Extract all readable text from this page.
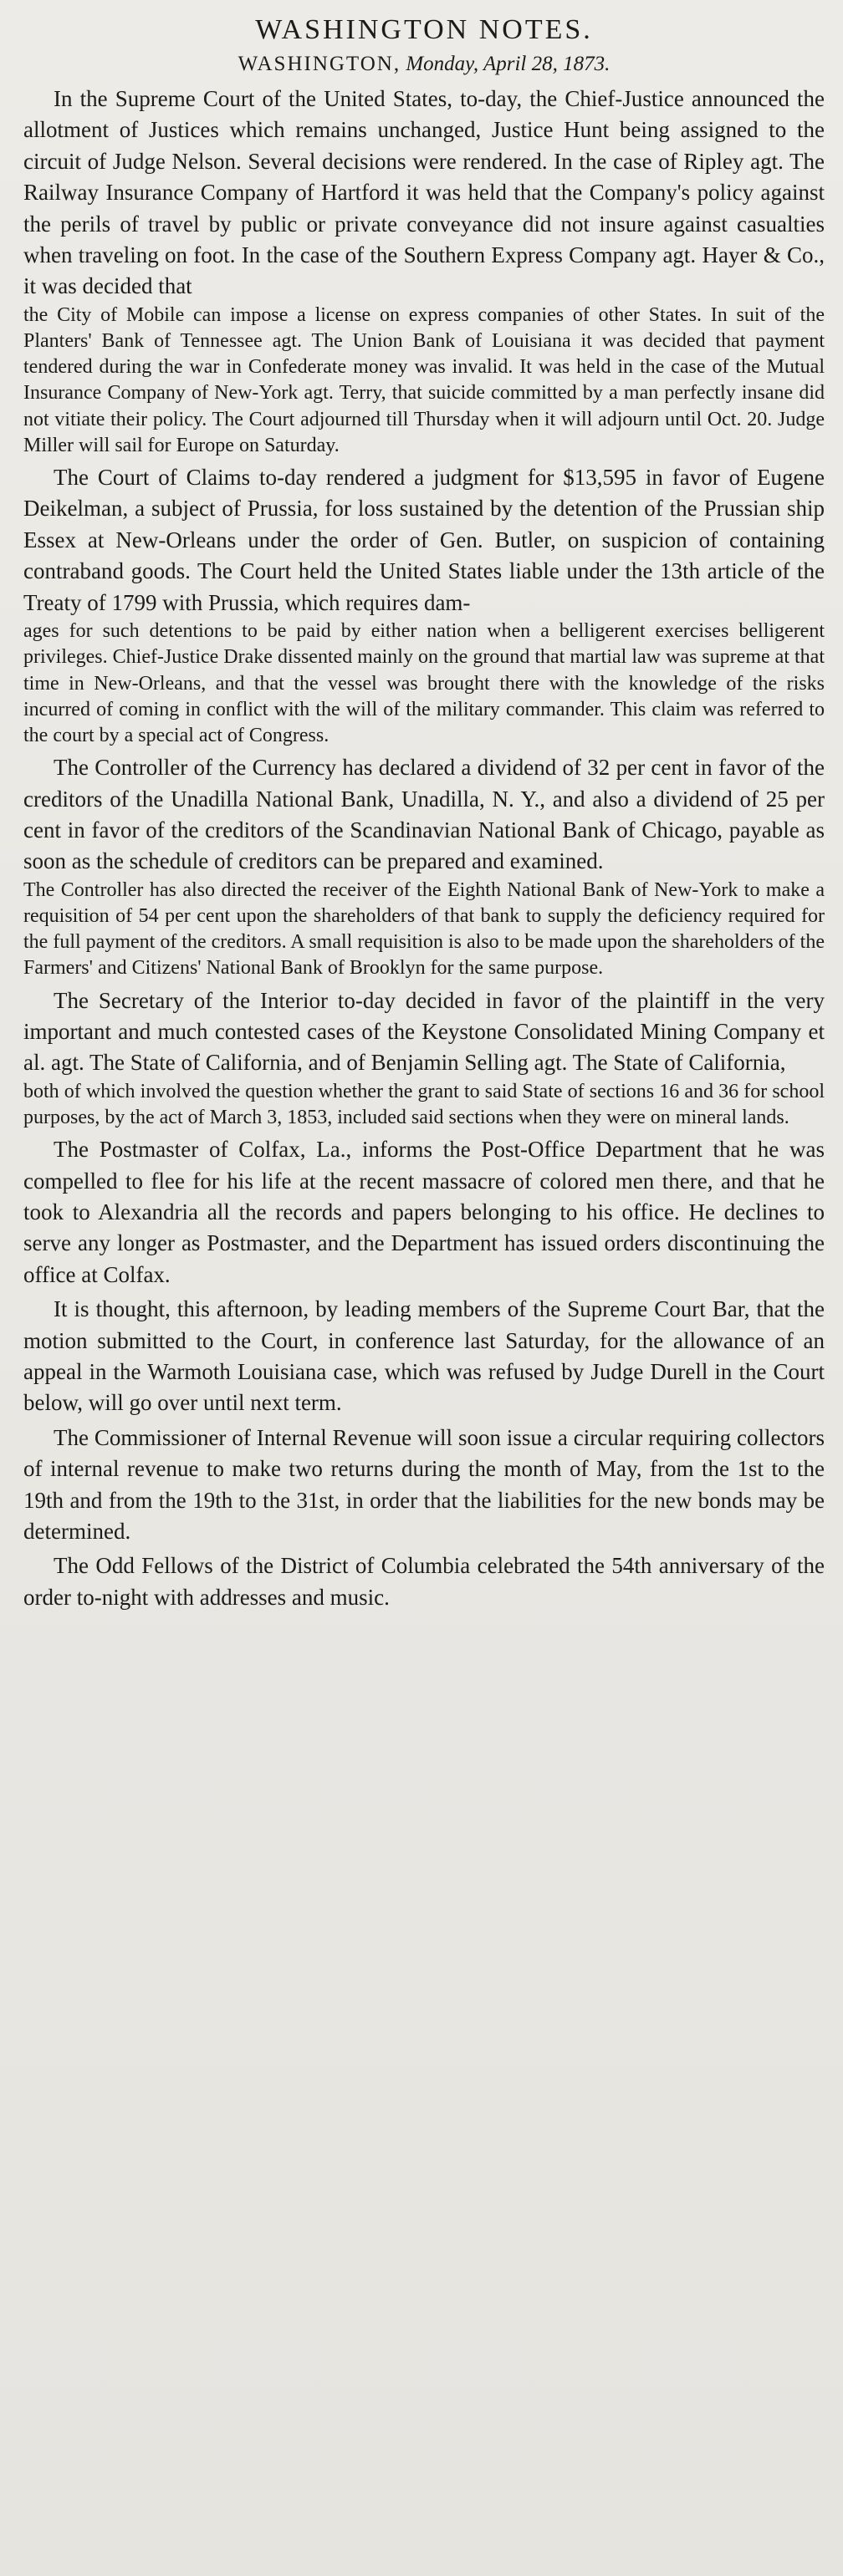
WASHINGTON NOTES.
WASHINGTON, Monday, April 28, 1873.

In the Supreme Court of the United States, to-day, the Chief-Justice announced the allotment of Justices which remains unchanged, Justice Hunt being assigned to the circuit of Judge Nelson. Several decisions were rendered. In the case of Ripley agt. The Railway Insurance Company of Hartford it was held that the Company's policy against the perils of travel by public or private conveyance did not insure against casualties when traveling on foot. In the case of the Southern Express Company agt. Hayer & Co., it was decided that

the City of Mobile can impose a license on express companies of other States. In suit of the Planters' Bank of Tennessee agt. The Union Bank of Louisiana it was decided that payment tendered during the war in Confederate money was invalid. It was held in the case of the Mutual Insurance Company of New-York agt. Terry, that suicide committed by a man perfectly insane did not vitiate their policy. The Court adjourned till Thursday when it will adjourn until Oct. 20. Judge Miller will sail for Europe on Saturday.

The Court of Claims to-day rendered a judgment for $13,595 in favor of Eugene Deikelman, a subject of Prussia, for loss sustained by the detention of the Prussian ship Essex at New-Orleans under the order of Gen. Butler, on suspicion of containing contraband goods. The Court held the United States liable under the 13th article of the Treaty of 1799 with Prussia, which requires dam-

ages for such detentions to be paid by either nation when a belligerent exercises belligerent privileges. Chief-Justice Drake dissented mainly on the ground that martial law was supreme at that time in New-Orleans, and that the vessel was brought there with the knowledge of the risks incurred of coming in conflict with the will of the military commander. This claim was referred to the court by a special act of Congress.

The Controller of the Currency has declared a dividend of 32 per cent in favor of the creditors of the Unadilla National Bank, Unadilla, N. Y., and also a dividend of 25 per cent in favor of the creditors of the Scandinavian National Bank of Chicago, payable as soon as the schedule of creditors can be prepared and examined.

The Controller has also directed the receiver of the Eighth National Bank of New-York to make a requisition of 54 per cent upon the shareholders of that bank to supply the deficiency required for the full payment of the creditors. A small requisition is also to be made upon the shareholders of the Farmers' and Citizens' National Bank of Brooklyn for the same purpose.

The Secretary of the Interior to-day decided in favor of the plaintiff in the very important and much contested cases of the Keystone Consolidated Mining Company et al. agt. The State of California, and of Benjamin Selling agt. The State of California,

both of which involved the question whether the grant to said State of sections 16 and 36 for school purposes, by the act of March 3, 1853, included said sections when they were on mineral lands.

The Postmaster of Colfax, La., informs the Post-Office Department that he was compelled to flee for his life at the recent massacre of colored men there, and that he took to Alexandria all the records and papers belonging to his office. He declines to serve any longer as Postmaster, and the Department has issued orders discontinuing the office at Colfax.

It is thought, this afternoon, by leading members of the Supreme Court Bar, that the motion submitted to the Court, in conference last Saturday, for the allowance of an appeal in the Warmoth Louisiana case, which was refused by Judge Durell in the Court below, will go over until next term.

The Commissioner of Internal Revenue will soon issue a circular requiring collectors of internal revenue to make two returns during the month of May, from the 1st to the 19th and from the 19th to the 31st, in order that the liabilities for the new bonds may be determined.

The Odd Fellows of the District of Columbia celebrated the 54th anniversary of the order to-night with addresses and music.
